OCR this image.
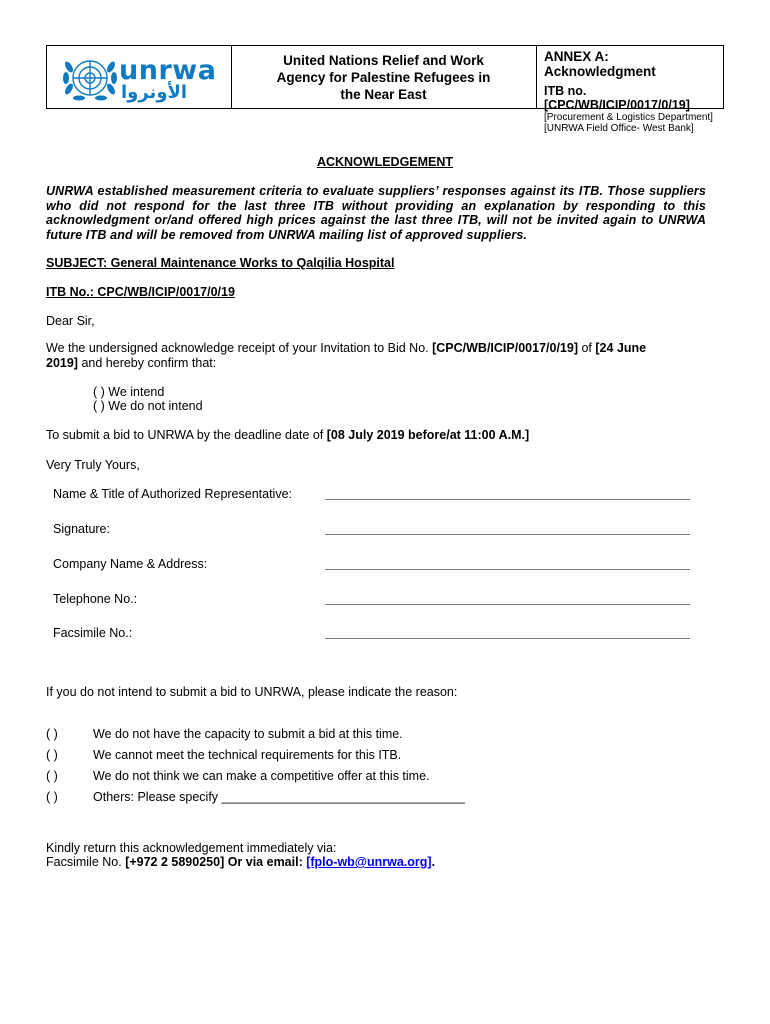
unrwa
الأونروا
United Nations Relief and Work
Agency for Palestine Refugees in
the Near East
ANNEX A: Acknowledgment
ITB no.[CPC/WB/ICIP/0017/0/19]
[Procurement & Logistics Department]
[UNRWA Field Office- West Bank]
ACKNOWLEDGEMENT
UNRWA established measurement criteria to evaluate suppliers’ responses against its ITB. Those suppliers who did not respond for the last three ITB without providing an explanation by responding to this acknowledgment or/and offered high prices against the last three ITB, will not be invited again to UNRWA future ITB and will be removed from UNRWA mailing list of approved suppliers.
SUBJECT: General Maintenance Works to Qalqilia Hospital
ITB No.: CPC/WB/ICIP/0017/0/19
Dear Sir,
We the undersigned acknowledge receipt of your Invitation to Bid No. [CPC/WB/ICIP/0017/0/19] of [24 June
2019] and hereby confirm that:
( ) We intend
( ) We do not intend
To submit a bid to UNRWA by the deadline date of [08 July 2019 before/at 11:00 A.M.]
Very Truly Yours,
Name & Title of Authorized Representative:
Signature:
Company Name & Address:
Telephone No.:
Facsimile No.:
If you do not intend to submit a bid to UNRWA, please indicate the reason:
( )	We do not have the capacity to submit a bid at this time.
( )	We cannot meet the technical requirements for this ITB.
( )	We do not think we can make a competitive offer at this time.
( )	Others: Please specify ___________________________________
Kindly return this acknowledgement immediately via:
Facsimile No. [+972 2 5890250] Or via email: [fplo-wb@unrwa.org].
